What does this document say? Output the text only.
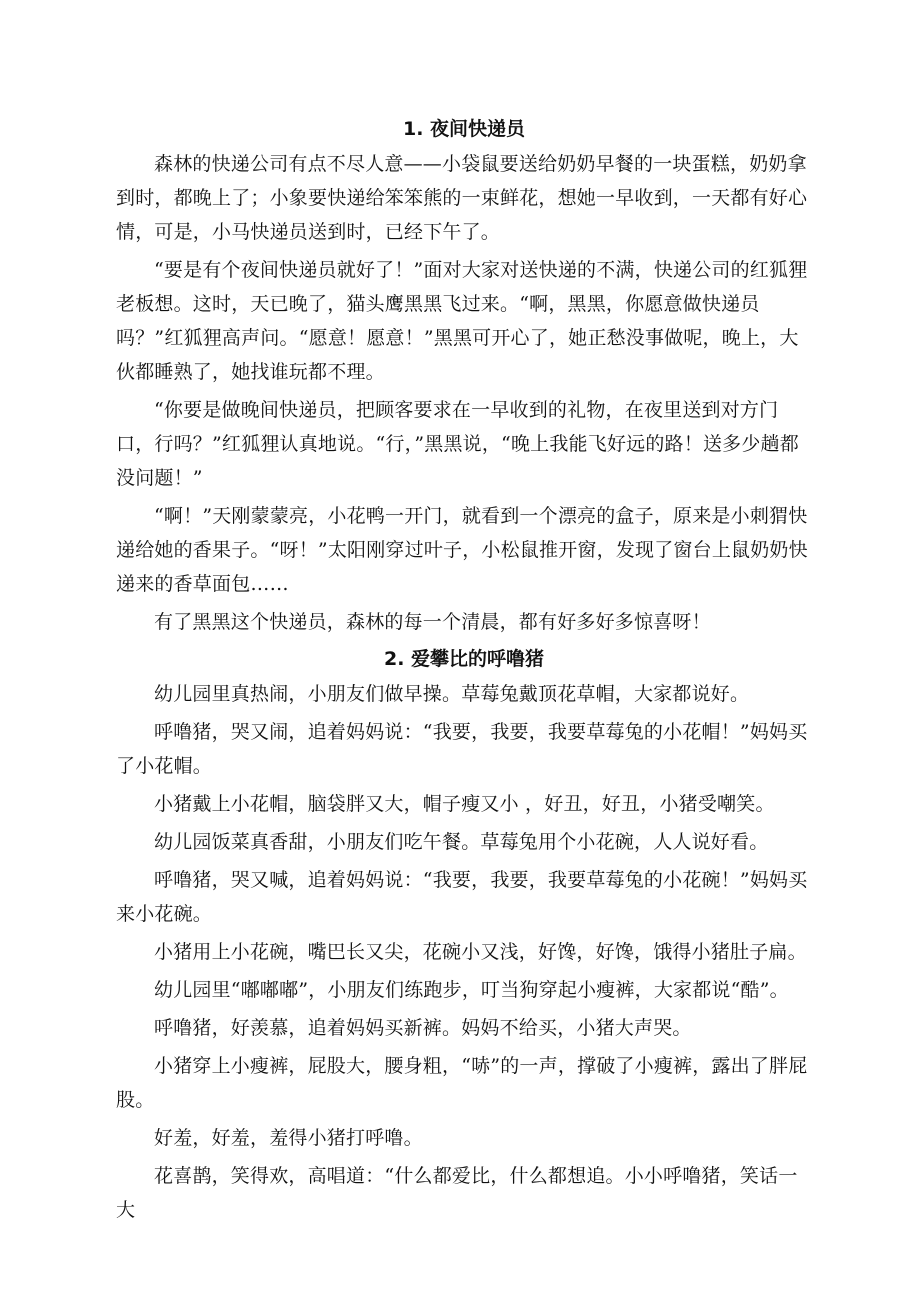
1. 夜间快递员

森林的快递公司有点不尽人意——小袋鼠要送给奶奶早餐的一块蛋糕，奶奶拿到时，都晚上了；小象要快递给笨笨熊的一束鲜花，想她一早收到，一天都有好心情，可是，小马快递员送到时，已经下午了。

“要是有个夜间快递员就好了！”面对大家对送快递的不满，快递公司的红狐狸老板想。这时，天已晚了，猫头鹰黑黑飞过来。“啊，黑黑，你愿意做快递员吗？”红狐狸高声问。“愿意！愿意！”黑黑可开心了，她正愁没事做呢，晚上，大伙都睡熟了，她找谁玩都不理。

“你要是做晚间快递员，把顾客要求在一早收到的礼物，在夜里送到对方门口，行吗？”红狐狸认真地说。“行，”黑黑说，“晚上我能飞好远的路！送多少趟都没问题！”

“啊！”天刚蒙蒙亮，小花鸭一开门，就看到一个漂亮的盒子，原来是小刺猬快递给她的香果子。“呀！”太阳刚穿过叶子，小松鼠推开窗，发现了窗台上鼠奶奶快递来的香草面包……

有了黑黑这个快递员，森林的每一个清晨，都有好多好多惊喜呀！

2. 爱攀比的呼噜猪

幼儿园里真热闹，小朋友们做早操。草莓兔戴顶花草帽，大家都说好。

呼噜猪，哭又闹，追着妈妈说：“我要，我要，我要草莓兔的小花帽！”妈妈买了小花帽。

小猪戴上小花帽，脑袋胖又大，帽子瘦又小 ，好丑，好丑，小猪受嘲笑。

幼儿园饭菜真香甜，小朋友们吃午餐。草莓兔用个小花碗，人人说好看。

呼噜猪，哭又喊，追着妈妈说：“我要，我要，我要草莓兔的小花碗！”妈妈买来小花碗。

小猪用上小花碗，嘴巴长又尖，花碗小又浅，好馋，好馋，饿得小猪肚子扁。

幼儿园里“嘟嘟嘟”，小朋友们练跑步，叮当狗穿起小瘦裤，大家都说“酷”。

呼噜猪，好羡慕，追着妈妈买新裤。妈妈不给买，小猪大声哭。

小猪穿上小瘦裤，屁股大，腰身粗，“哧”的一声，撑破了小瘦裤，露出了胖屁股。

好羞，好羞，羞得小猪打呼噜。

花喜鹊，笑得欢，高唱道：“什么都爱比，什么都想追。小小呼噜猪，笑话一大
